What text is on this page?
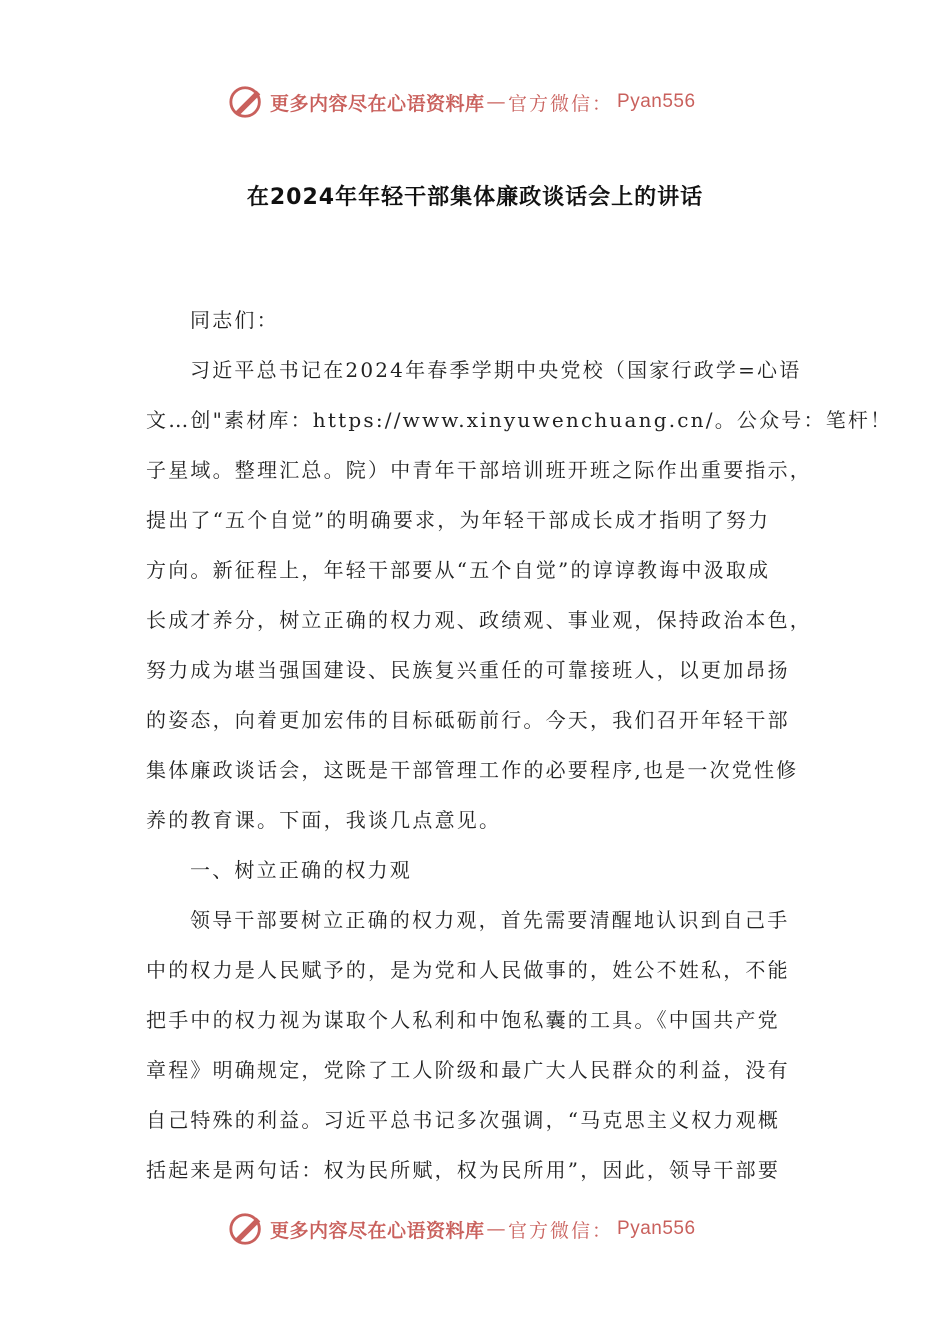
更多内容尽在心语资料库 — 官方微信： Pyan556
在2024年年轻干部集体廉政谈话会上的讲话
同志们：
习近平总书记在2024年春季学期中央党校（国家行政学=心语
文…创"素材库：https://www.xinyuwenchuang.cn/。公众号：笔杆！
子星域。整理汇总。院）中青年干部培训班开班之际作出重要指示，
提出了“五个自觉”的明确要求，为年轻干部成长成才指明了努力
方向。新征程上，年轻干部要从“五个自觉”的谆谆教诲中汲取成
长成才养分，树立正确的权力观、政绩观、事业观，保持政治本色，
努力成为堪当强国建设、民族复兴重任的可靠接班人，以更加昂扬
的姿态，向着更加宏伟的目标砥砺前行。今天，我们召开年轻干部
集体廉政谈话会，这既是干部管理工作的必要程序,也是一次党性修
养的教育课。下面，我谈几点意见。
一、树立正确的权力观
领导干部要树立正确的权力观，首先需要清醒地认识到自己手
中的权力是人民赋予的，是为党和人民做事的，姓公不姓私，不能
把手中的权力视为谋取个人私利和中饱私囊的工具。《中国共产党
章程》明确规定，党除了工人阶级和最广大人民群众的利益，没有
自己特殊的利益。习近平总书记多次强调，“马克思主义权力观概
括起来是两句话：权为民所赋，权为民所用”，因此，领导干部要
更多内容尽在心语资料库 — 官方微信： Pyan556
